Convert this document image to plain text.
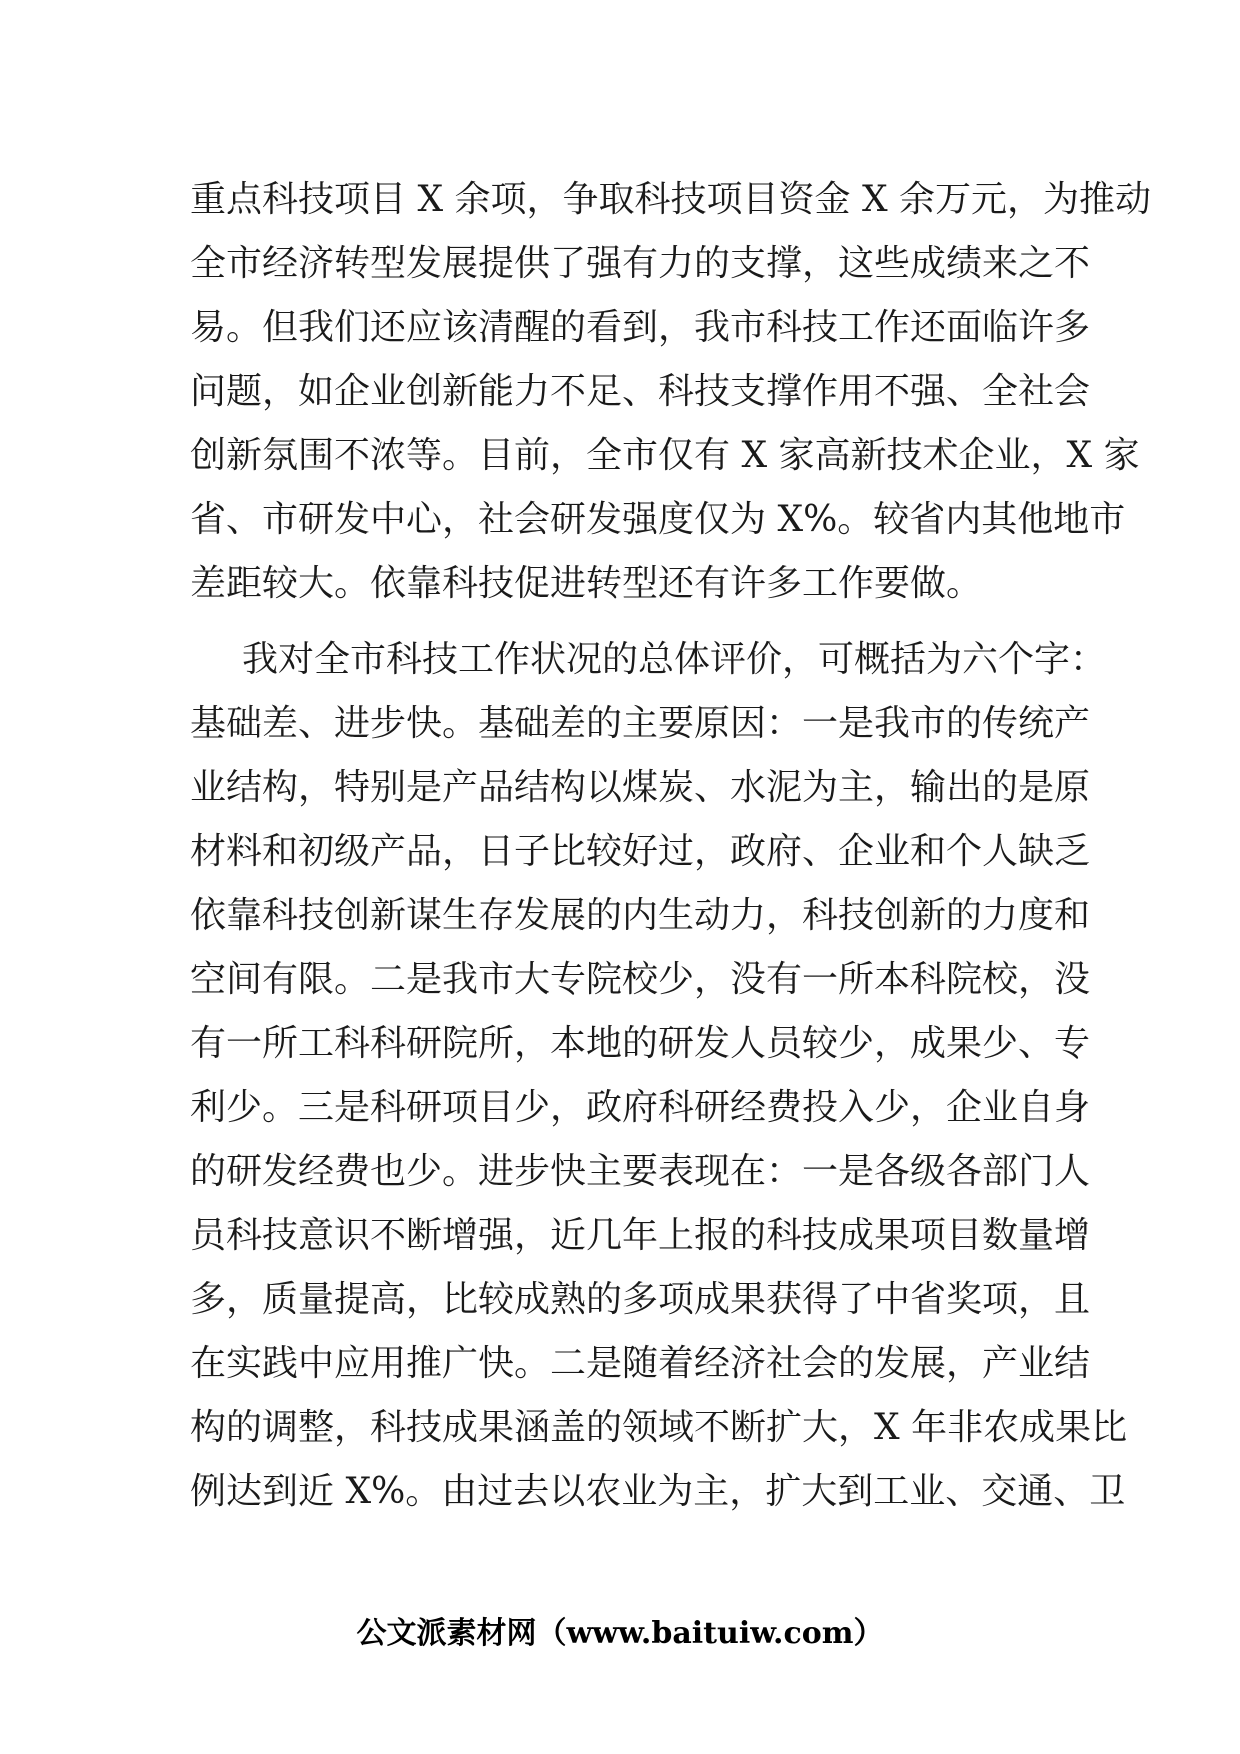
重点科技项目 X 余项，争取科技项目资金 X 余万元，为推动
全市经济转型发展提供了强有力的支撑，这些成绩来之不
易。但我们还应该清醒的看到，我市科技工作还面临许多
问题，如企业创新能力不足、科技支撑作用不强、全社会
创新氛围不浓等。目前，全市仅有 X 家高新技术企业，X 家
省、市研发中心，社会研发强度仅为 X%。较省内其他地市
差距较大。依靠科技促进转型还有许多工作要做。
我对全市科技工作状况的总体评价，可概括为六个字：
基础差、进步快。基础差的主要原因：一是我市的传统产
业结构，特别是产品结构以煤炭、水泥为主，输出的是原
材料和初级产品，日子比较好过，政府、企业和个人缺乏
依靠科技创新谋生存发展的内生动力，科技创新的力度和
空间有限。二是我市大专院校少，没有一所本科院校，没
有一所工科科研院所，本地的研发人员较少，成果少、专
利少。三是科研项目少，政府科研经费投入少，企业自身
的研发经费也少。进步快主要表现在：一是各级各部门人
员科技意识不断增强，近几年上报的科技成果项目数量增
多，质量提高，比较成熟的多项成果获得了中省奖项，且
在实践中应用推广快。二是随着经济社会的发展，产业结
构的调整，科技成果涵盖的领域不断扩大，X 年非农成果比
例达到近 X%。由过去以农业为主，扩大到工业、交通、卫
公文派素材网（www.baituiw.com）
